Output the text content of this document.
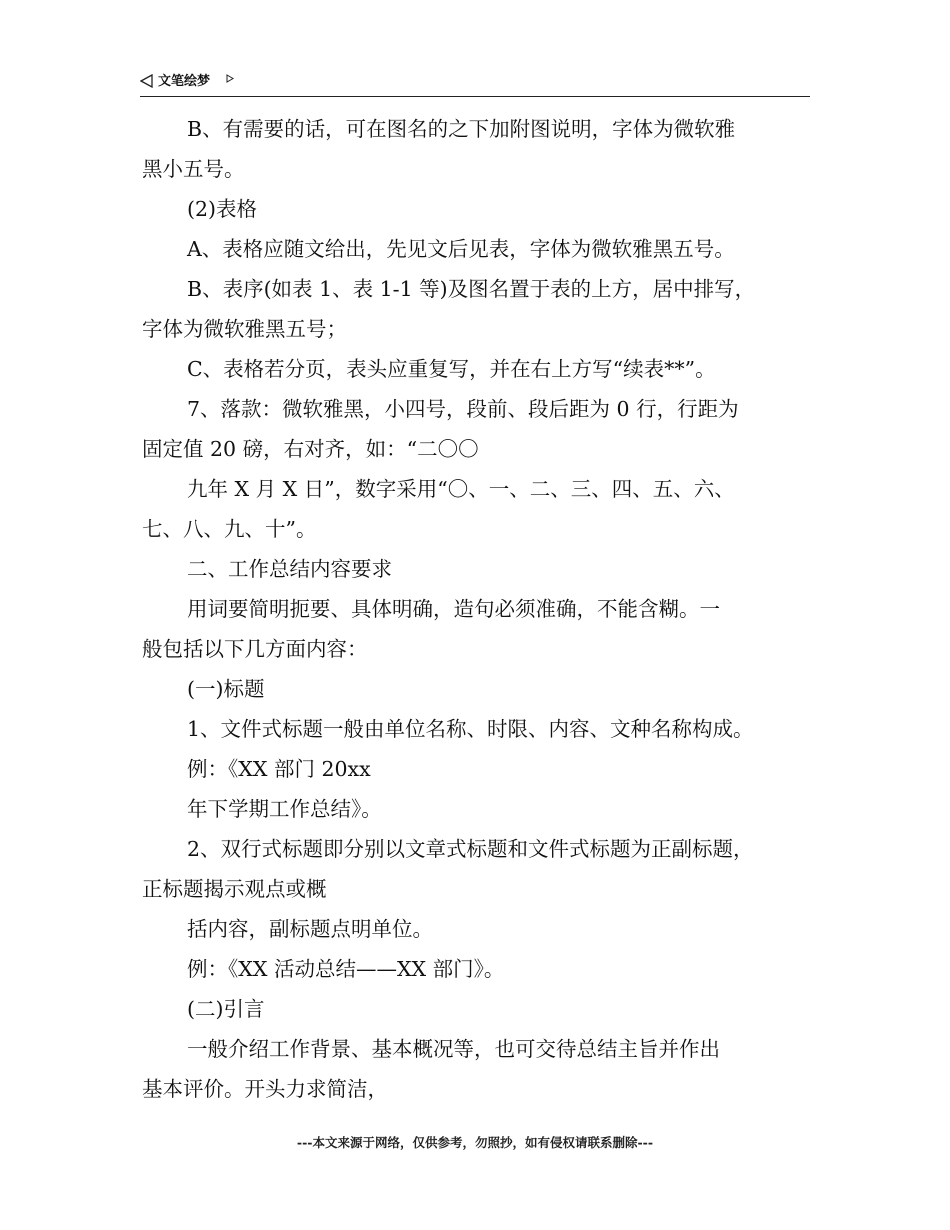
文笔绘梦
B、有需要的话，可在图名的之下加附图说明，字体为微软雅
黑小五号。
(2)表格
A、表格应随文给出，先见文后见表，字体为微软雅黑五号。
B、表序(如表 1、表 1-1 等)及图名置于表的上方，居中排写，
字体为微软雅黑五号；
C、表格若分页，表头应重复写，并在右上方写“续表**”。
7、落款：微软雅黑，小四号，段前、段后距为 0 行，行距为
固定值 20 磅，右对齐，如：“二〇〇
九年 X 月 X 日”，数字采用“〇、一、二、三、四、五、六、
七、八、九、十”。
二、工作总结内容要求
用词要简明扼要、具体明确，造句必须准确，不能含糊。一
般包括以下几方面内容：
(一)标题
1、文件式标题一般由单位名称、时限、内容、文种名称构成。
例：《XX 部门 20xx
年下学期工作总结》。
2、双行式标题即分别以文章式标题和文件式标题为正副标题，
正标题揭示观点或概
括内容，副标题点明单位。
例：《XX 活动总结——XX 部门》。
(二)引言
一般介绍工作背景、基本概况等，也可交待总结主旨并作出
基本评价。开头力求简洁，
---本文来源于网络，仅供参考，勿照抄，如有侵权请联系删除---
